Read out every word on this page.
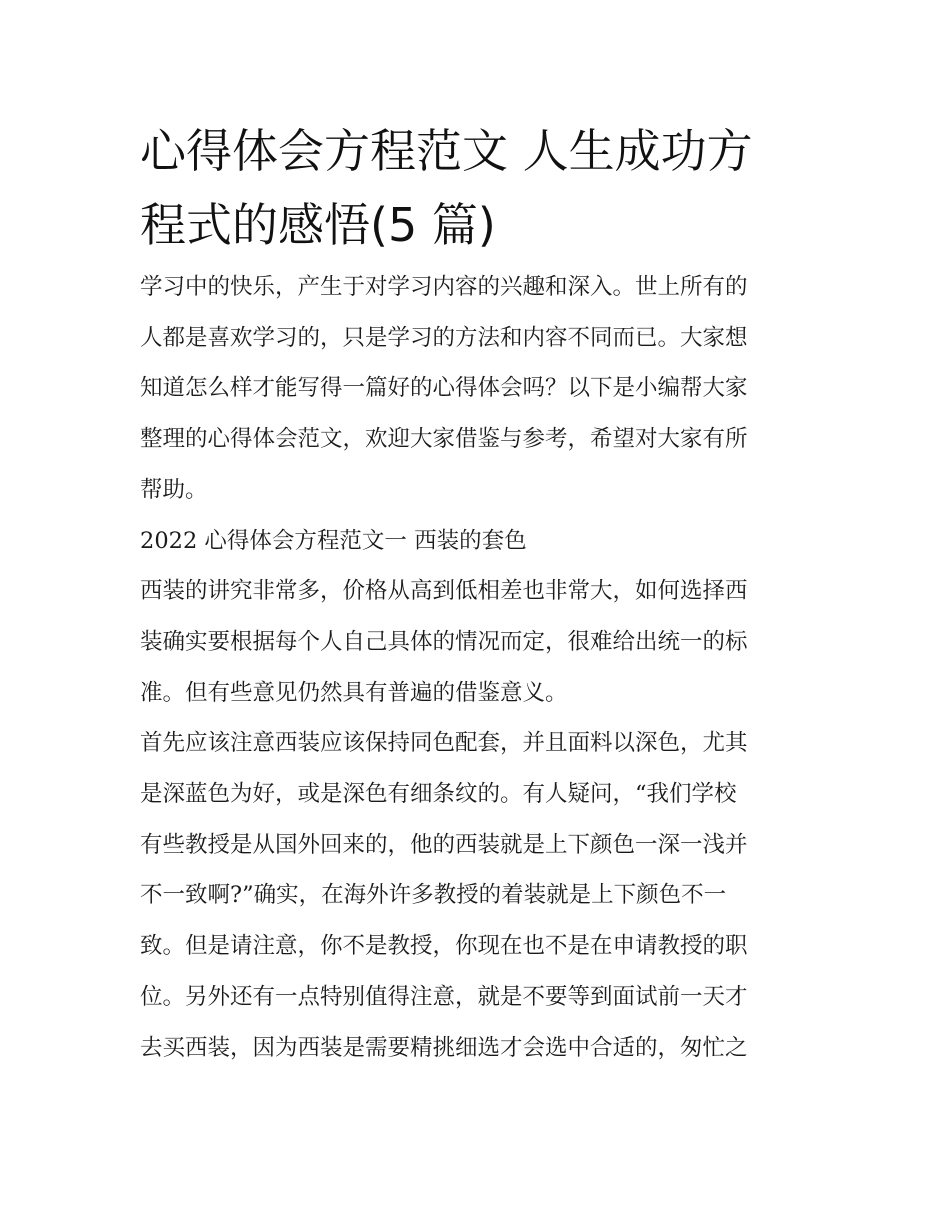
心得体会方程范文 人生成功方
程式的感悟(5 篇)

学习中的快乐，产生于对学习内容的兴趣和深入。世上所有的
人都是喜欢学习的，只是学习的方法和内容不同而已。大家想
知道怎么样才能写得一篇好的心得体会吗？以下是小编帮大家
整理的心得体会范文，欢迎大家借鉴与参考，希望对大家有所
帮助。

2022 心得体会方程范文一 西装的套色

西装的讲究非常多，价格从高到低相差也非常大，如何选择西
装确实要根据每个人自己具体的情况而定，很难给出统一的标
准。但有些意见仍然具有普遍的借鉴意义。

首先应该注意西装应该保持同色配套，并且面料以深色，尤其
是深蓝色为好，或是深色有细条纹的。有人疑问，“我们学校
有些教授是从国外回来的，他的西装就是上下颜色一深一浅并
不一致啊?”确实，在海外许多教授的着装就是上下颜色不一
致。但是请注意，你不是教授，你现在也不是在申请教授的职
位。另外还有一点特别值得注意，就是不要等到面试前一天才
去买西装，因为西装是需要精挑细选才会选中合适的，匆忙之
